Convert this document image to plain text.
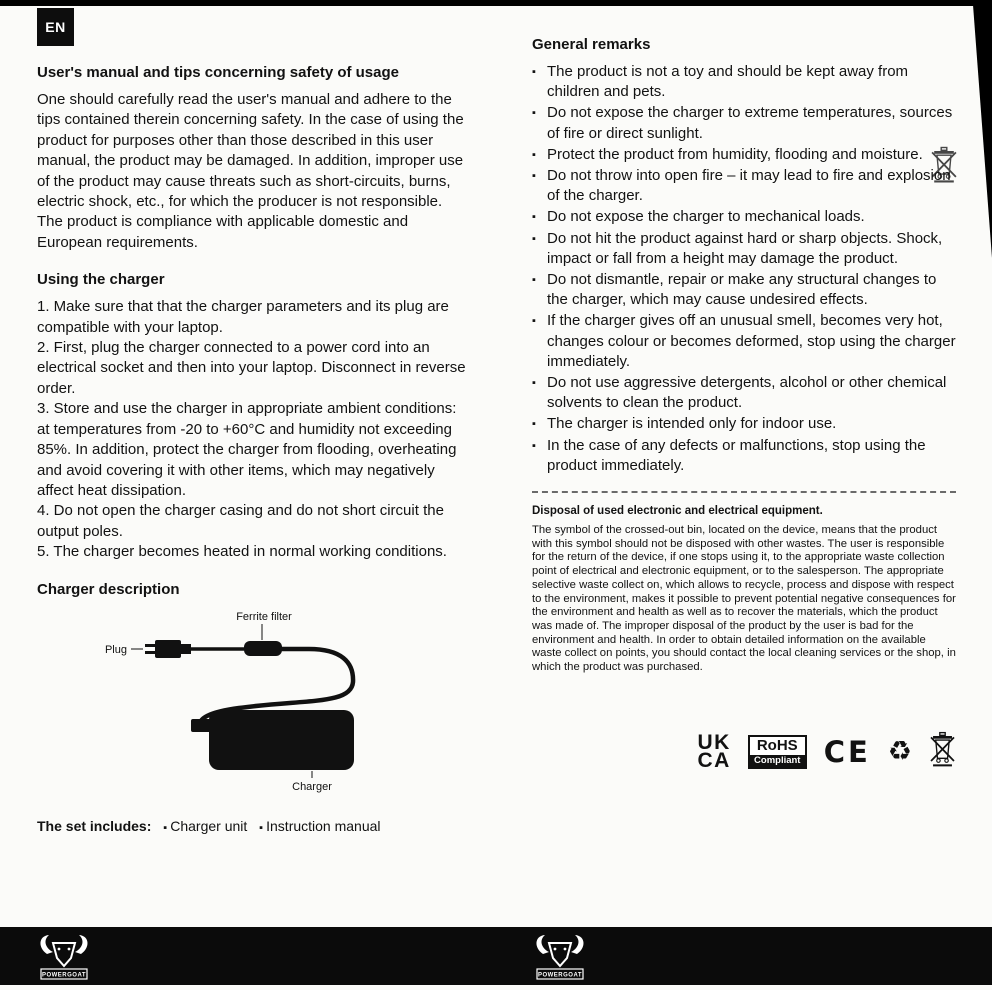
EN

User's manual and tips concerning safety of usage

One should carefully read the user's manual and adhere to the tips contained therein concerning safety. In the case of using the product for purposes other than those described in this user manual, the product may be damaged. In addition, improper use of the product may cause threats such as short-circuits, burns, electric shock, etc., for which the producer is not responsible. The product is compliance with applicable domestic and European requirements.

Using the charger

1. Make sure that that the charger parameters and its plug are compatible with your laptop.

2. First, plug the charger connected to a power cord into an electrical socket and then into your laptop. Disconnect in reverse order.

3. Store and use the charger in appropriate ambient conditions: at temperatures from -20 to +60°C and humidity not exceeding 85%. In addition, protect the charger from flooding, overheating and avoid covering it with other items, which may negatively affect heat dissipation.

4. Do not open the charger casing and do not short circuit the output poles.

5. The charger becomes heated in normal working conditions.

Charger description

Ferrite filter
Plug
Charger

The set includes: ▪ Charger unit ▪ Instruction manual

General remarks

▪ The product is not a toy and should be kept away from children and pets.
▪ Do not expose the charger to extreme temperatures, sources of fire or direct sunlight.
▪ Protect the product from humidity, flooding and moisture.
▪ Do not throw into open fire – it may lead to fire and explosion of the charger.
▪ Do not expose the charger to mechanical loads.
▪ Do not hit the product against hard or sharp objects. Shock, impact or fall from a height may damage the product.
▪ Do not dismantle, repair or make any structural changes to the charger, which may cause undesired effects.
▪ If the charger gives off an unusual smell, becomes very hot, changes colour or becomes deformed, stop using the charger immediately.
▪ Do not use aggressive detergents, alcohol or other chemical solvents to clean the product.
▪ The charger is intended only for indoor use.
▪ In the case of any defects or malfunctions, stop using the product immediately.

Disposal of used electronic and electrical equipment.

The symbol of the crossed-out bin, located on the device, means that the product with this symbol should not be disposed with other wastes. The user is responsible for the return of the device, if one stops using it, to the appropriate waste collection point of electrical and electronic equipment, or to the salesperson. The appropriate selective waste collect on, which allows to recycle, process and dispose with respect to the environment, makes it possible to prevent potential negative consequences for the environment and health as well as to recover the materials, which the product was made of. The improper disposal of the product by the user is bad for the environment and health. In order to obtain detailed information on the available waste collect on points, you should contact the local cleaning services or the shop, in which the product was purchased.

UK
CA
RoHS
Compliant CE ♻
POWERGOAT	POWERGOAT
